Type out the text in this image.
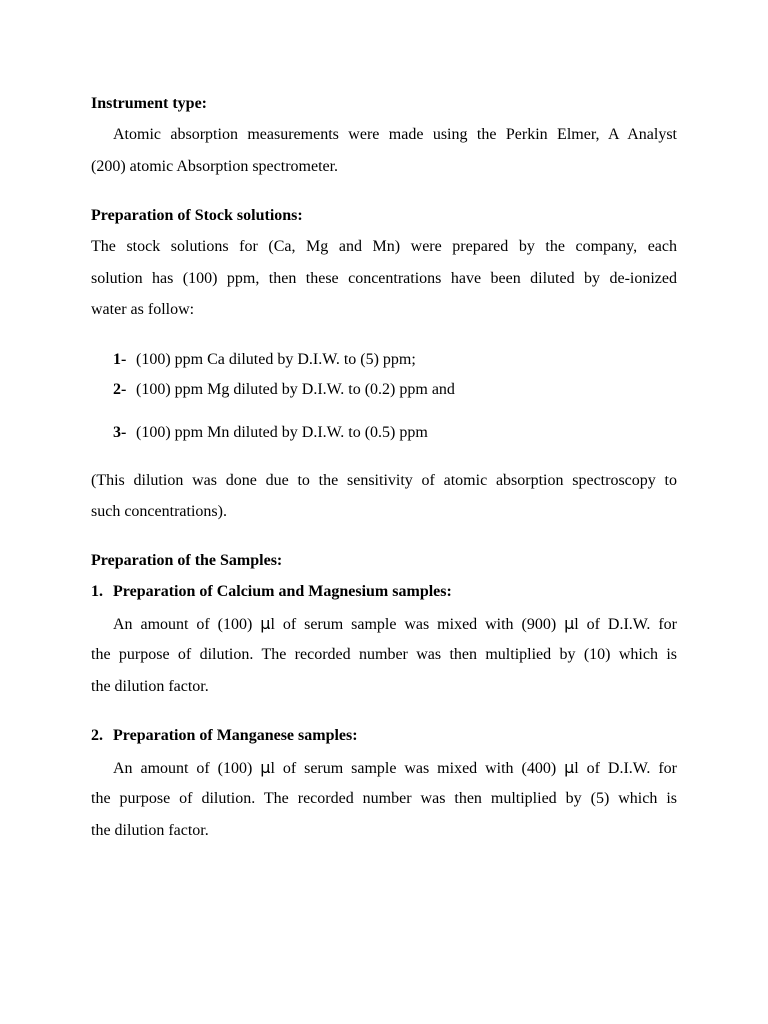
Instrument type:
Atomic absorption measurements were made using the Perkin Elmer, A Analyst
(200) atomic Absorption spectrometer.
Preparation of Stock solutions:
The stock solutions for (Ca, Mg and Mn) were prepared by the company, each
solution has (100) ppm, then these concentrations have been diluted by de-ionized
water as follow:
1- (100) ppm Ca diluted by D.I.W. to (5) ppm;
2- (100) ppm Mg diluted by D.I.W. to (0.2) ppm and
3- (100) ppm Mn diluted by D.I.W. to (0.5) ppm
(This dilution was done due to the sensitivity of atomic absorption spectroscopy to
such concentrations).
Preparation of the Samples:
1. Preparation of Calcium and Magnesium samples:
An amount of (100) µl of serum sample was mixed with (900) µl of D.I.W. for
the purpose of dilution. The recorded number was then multiplied by (10) which is
the dilution factor.
2. Preparation of Manganese samples:
An amount of (100) µl of serum sample was mixed with (400) µl of D.I.W. for
the purpose of dilution. The recorded number was then multiplied by (5) which is
the dilution factor.
